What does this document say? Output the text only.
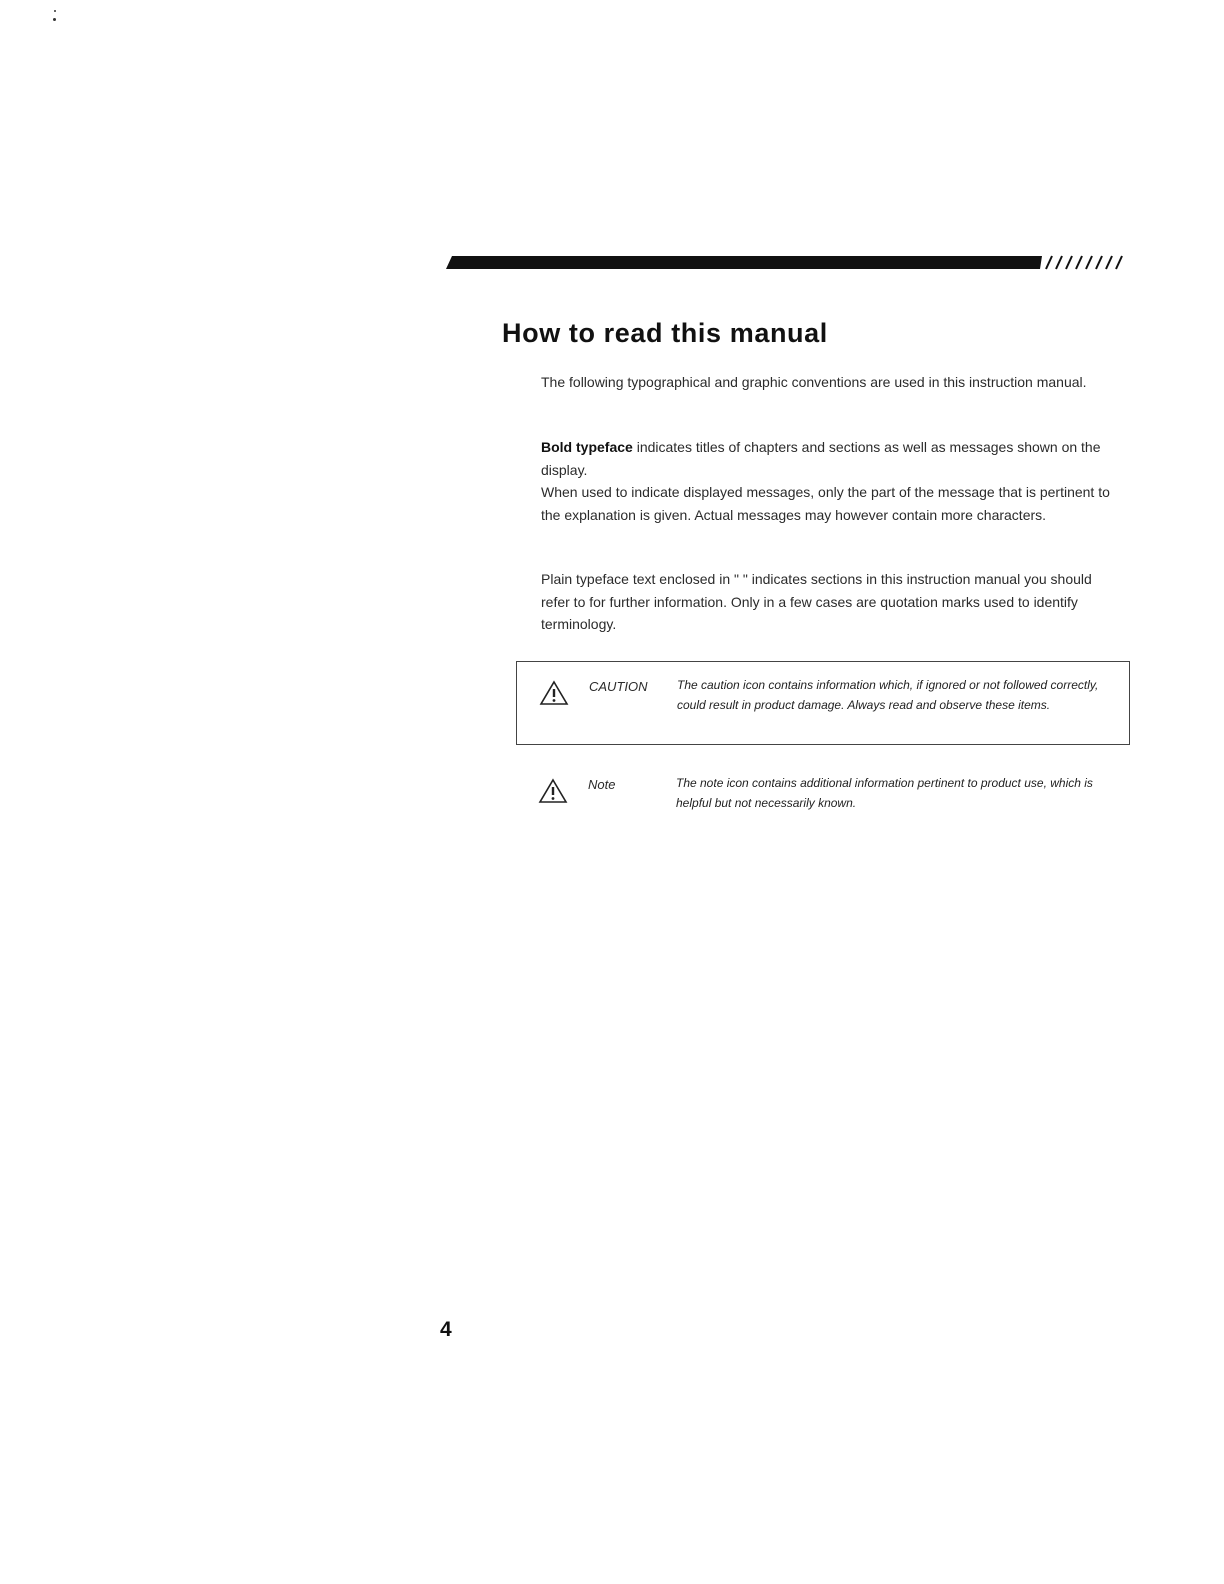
How to read this manual

The following typographical and graphic conventions are used in this instruction manual.

Bold typeface indicates titles of chapters and sections as well as messages shown on the display.
When used to indicate displayed messages, only the part of the message that is pertinent to the explanation is given. Actual messages may however contain more characters.

Plain typeface text enclosed in " " indicates sections in this instruction manual you should refer to for further information. Only in a few cases are quotation marks used to identify terminology.

CAUTION The caution icon contains information which, if ignored or not followed correctly, could result in product damage. Always read and observe these items.

Note	The note icon contains additional information pertinent to product use, which is helpful but not necessarily known.

4
